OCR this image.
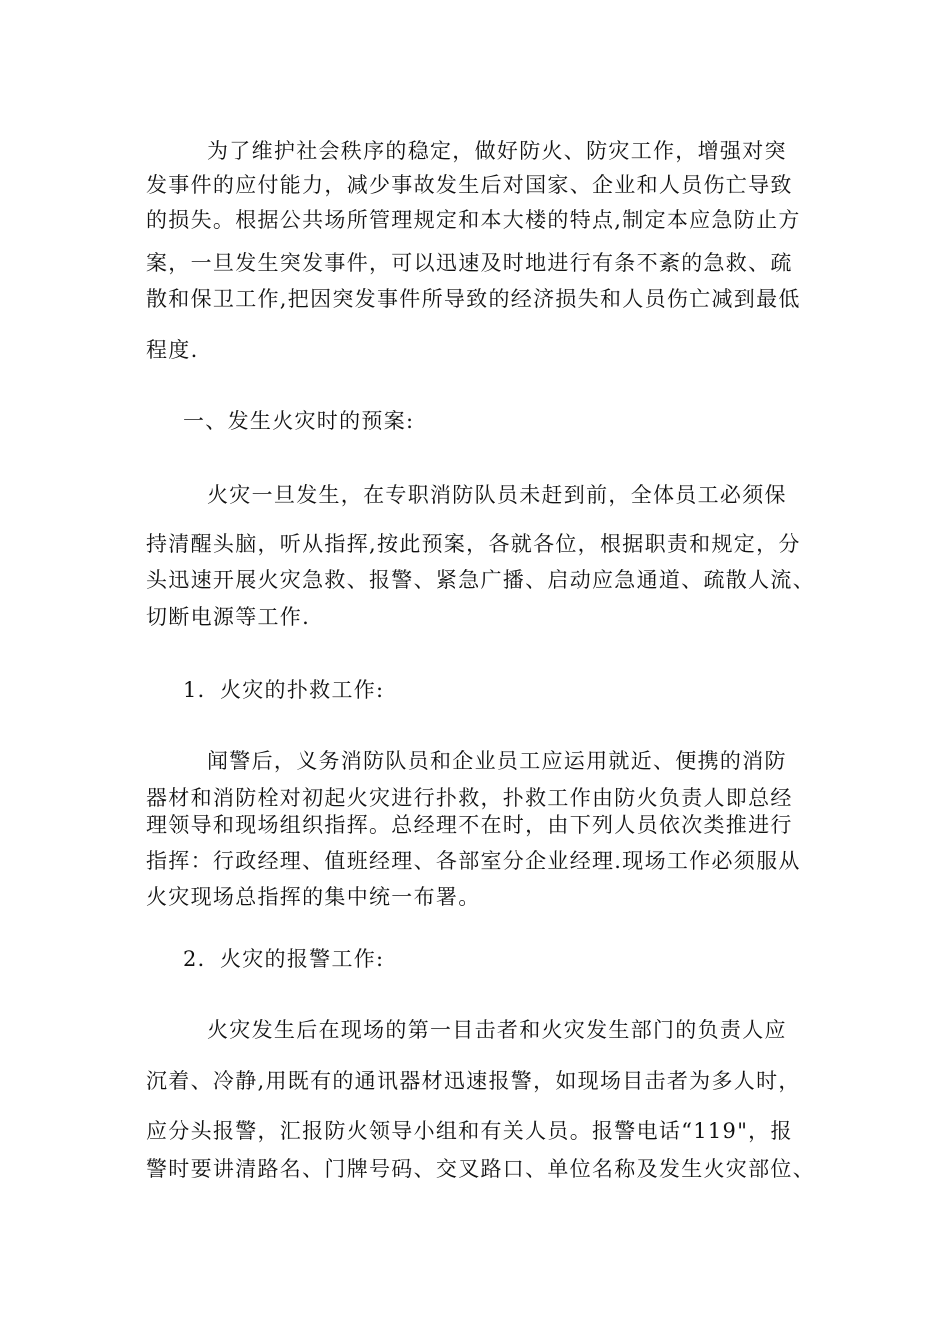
为了维护社会秩序的稳定，做好防火、防灾工作，增强对突

发事件的应付能力，减少事故发生后对国家、企业和人员伤亡导致

的损失。根据公共场所管理规定和本大楼的特点,制定本应急防止方

案，一旦发生突发事件，可以迅速及时地进行有条不紊的急救、疏

散和保卫工作,把因突发事件所导致的经济损失和人员伤亡减到最低

程度.

一、发生火灾时的预案:

火灾一旦发生，在专职消防队员未赶到前，全体员工必须保

持清醒头脑，听从指挥,按此预案，各就各位，根据职责和规定，分

头迅速开展火灾急救、报警、紧急广播、启动应急通道、疏散人流、

切断电源等工作.

1．火灾的扑救工作:

闻警后，义务消防队员和企业员工应运用就近、便携的消防

器材和消防栓对初起火灾进行扑救，扑救工作由防火负责人即总经

理领导和现场组织指挥。总经理不在时，由下列人员依次类推进行

指挥：行政经理、值班经理、各部室分企业经理.现场工作必须服从

火灾现场总指挥的集中统一布署。

2．火灾的报警工作:

火灾发生后在现场的第一目击者和火灾发生部门的负责人应

沉着、冷静,用既有的通讯器材迅速报警，如现场目击者为多人时，

应分头报警，汇报防火领导小组和有关人员。报警电话“119"，报

警时要讲清路名、门牌号码、交叉路口、单位名称及发生火灾部位、
